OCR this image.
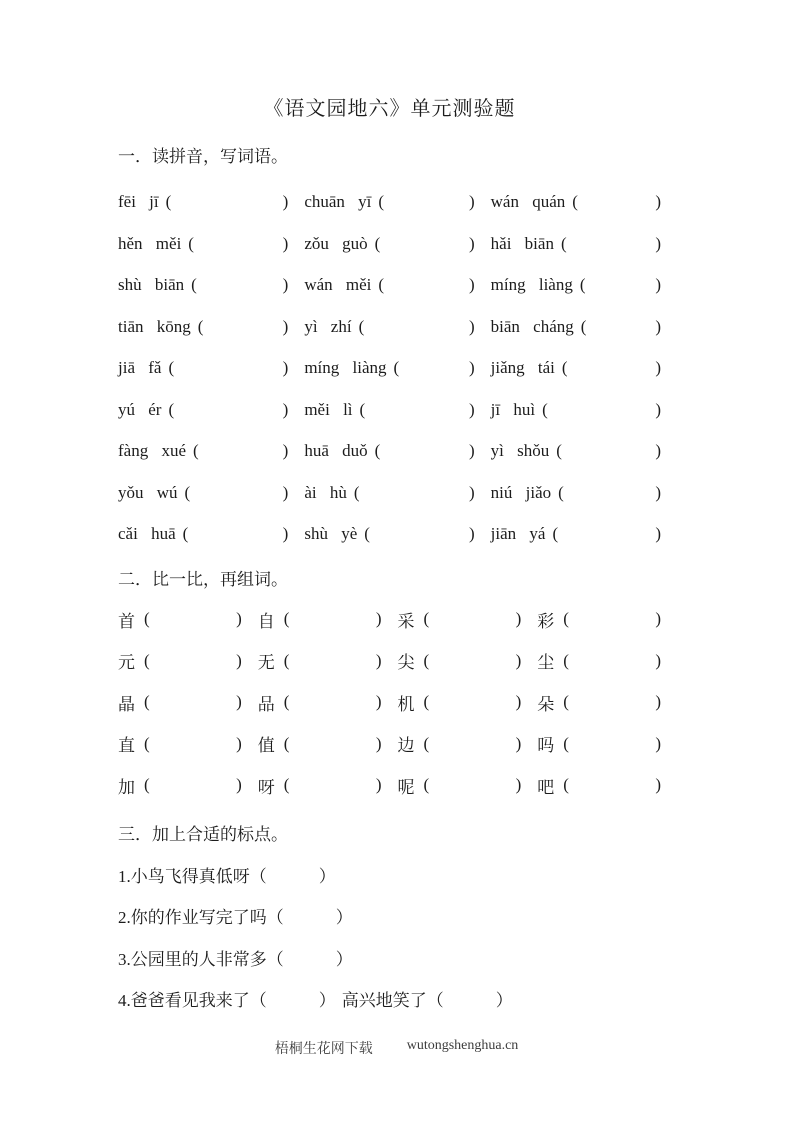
《语文园地六》单元测验题
一．读拼音，写词语。
fēi jī (	) chuān yī (	) wán quán (	)
hěn měi (	) zǒu guò (	) hǎi biān (	)
shù biān (	) wán měi (	) míng liàng (	)
tiān kōng (	) yì zhí (	) biān cháng (	)
jiā fǎ (	) míng liàng (	) jiǎng tái (	)
yú ér (	) měi lì (	) jī huì (	)
fàng xué (	) huā duǒ (	) yì shǒu (	)
yǒu wú (	) ài hù (	) niú jiǎo (	)
cǎi huā (	) shù yè (	) jiān yá (	)
二．比一比，再组词。
首 (	) 自 (	) 采 (	) 彩 (	)
元 (	) 无 (	) 尖 (	) 尘 (	)
晶 (	) 品 (	) 机 (	) 朵 (	)
直 (	) 值 (	) 边 (	) 吗 (	)
加 (	) 呀 (	) 呢 (	) 吧 (	)
三．加上合适的标点。
1.小鸟飞得真低呀 （	）
2.你的作业写完了吗 （	）
3.公园里的人非常多 （	）
4.爸爸看见我来了 （	） 高兴地笑了 （	）
梧桐生花网下载 wutongshenghua.cn
